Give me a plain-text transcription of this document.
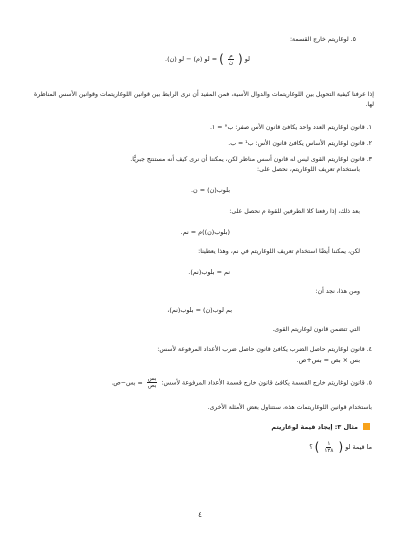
٥. لوغاريتم خارج القسمة:
لو (
$\frac{\text{م}}{\text{ن}}$
) = لو (م) − لو (ن).
إذا عرفنا كيفية التحويل بين اللوغاريتمات والدوال الأسية، فمن المفيد أن نرى الرابط بين قوانين اللوغاريتمات وقوانين الأسس المناظرة لها.
١. قانون لوغاريتم العدد واحد يكافئ قانون الأس صفر: ب° = ١.
٢. قانون لوغاريتم الأساس يكافئ قانون الأس: ب¹ = ب.
٣. قانون لوغاريتم القوى ليس له قانون أسس مناظر لكن، يمكننا أن نرى كيف أنه مستنتج جبريًّا.
باستخدام تعريف اللوغاريتم، نحصل على:
بلوب(ن) = ن.
بعد ذلك، إذا رفعنا كلا الطرفين للقوة م نحصل على:
(بلوب(ن))م = نم.
لكن، يمكننا أيضًا استخدام تعريف اللوغاريتم في نم، وهذا يعطينا:
نم = بلوب(نم).
ومن هذا، نجد أن:
بم لوب(ن) = بلوب(نم)،
التي تتضمن قانون لوغاريتم القوى.
٤. قانون لوغاريتم حاصل الضرب يكافئ قانون حاصل ضرب الأعداد المرفوعة لأسس:
بس × بص = بس+ص.
٥. قانون لوغاريتم خارج القسمة يكافئ قانون خارج قسمة الأعداد المرفوعة لأسس:
$\frac{\text{بس}}{\text{بص}}$
= بس−ص.
باستخدام قوانين اللوغاريتمات هذه، سنتناول بعض الأمثلة الأخرى.
مثال ٣: إيجاد قيمة لوغاريتم
ما قيمة لو (
$\frac{١}{١٢٨}$
) ؟
٤
